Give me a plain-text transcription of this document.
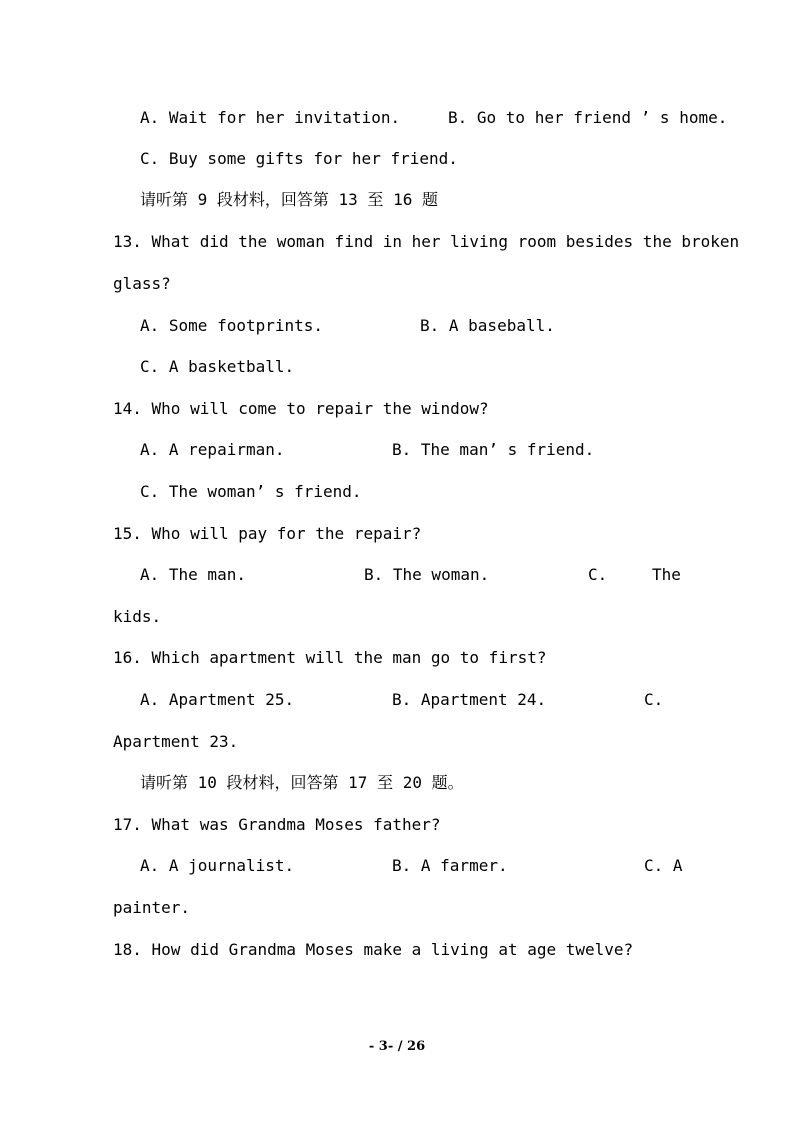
A. Wait for her invitation.	B. Go to her friend ’ s home.
C. Buy some gifts for her friend.
请听第 9 段材料，回答第 13 至 16 题
13. What did the woman find in her living room besides the broken
glass?
A. Some footprints.	B. A baseball.
C. A basketball.
14. Who will come to repair the window?
A. A repairman.	B. The man’ s friend.
C. The woman’ s friend.
15. Who will pay for the repair?
A. The man.	B. The woman.	C.	The
kids.
16. Which apartment will the man go to first?
A. Apartment 25.	B. Apartment 24.	C.
Apartment 23.
请听第 10 段材料，回答第 17 至 20 题。
17. What was Grandma Moses father?
A. A journalist.	B. A farmer.	C. A
painter.
18. How did Grandma Moses make a living at age twelve?
- 3- / 26
